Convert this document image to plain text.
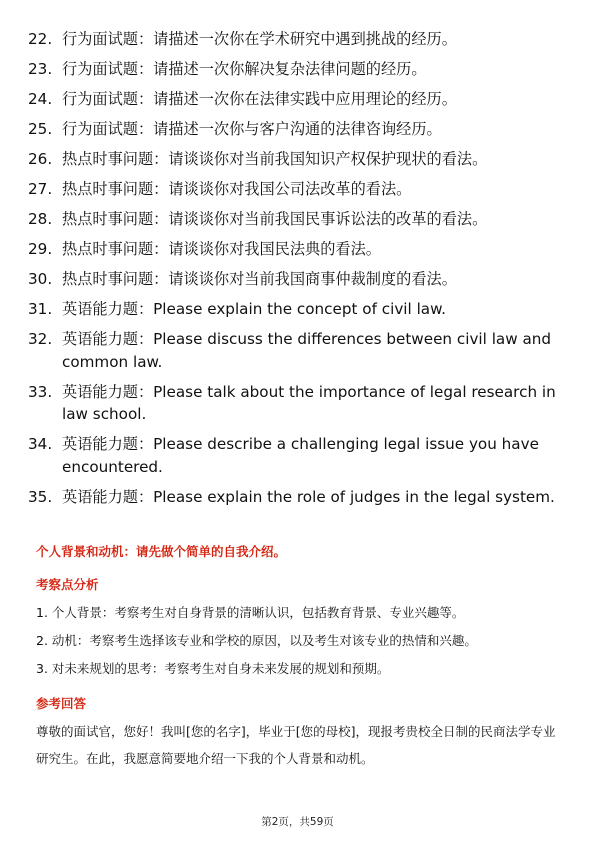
22. 行为面试题：请描述一次你在学术研究中遇到挑战的经历。
23. 行为面试题：请描述一次你解决复杂法律问题的经历。
24. 行为面试题：请描述一次你在法律实践中应用理论的经历。
25. 行为面试题：请描述一次你与客户沟通的法律咨询经历。
26. 热点时事问题：请谈谈你对当前我国知识产权保护现状的看法。
27. 热点时事问题：请谈谈你对我国公司法改革的看法。
28. 热点时事问题：请谈谈你对当前我国民事诉讼法的改革的看法。
29. 热点时事问题：请谈谈你对我国民法典的看法。
30. 热点时事问题：请谈谈你对当前我国商事仲裁制度的看法。
31. 英语能力题：Please explain the concept of civil law.
32. 英语能力题：Please discuss the differences between civil law and common law.
33. 英语能力题：Please talk about the importance of legal research in law school.
34. 英语能力题：Please describe a challenging legal issue you have encountered.
35. 英语能力题：Please explain the role of judges in the legal system.
个人背景和动机：请先做个简单的自我介绍。
考察点分析
1. 个人背景：考察考生对自身背景的清晰认识，包括教育背景、专业兴趣等。
2. 动机：考察考生选择该专业和学校的原因，以及考生对该专业的热情和兴趣。
3. 对未来规划的思考：考察考生对自身未来发展的规划和预期。
参考回答
尊敬的面试官，您好！我叫[您的名字]，毕业于[您的母校]，现报考贵校全日制的民商法学专业研究生。在此，我愿意简要地介绍一下我的个人背景和动机。
第2页，共59页
